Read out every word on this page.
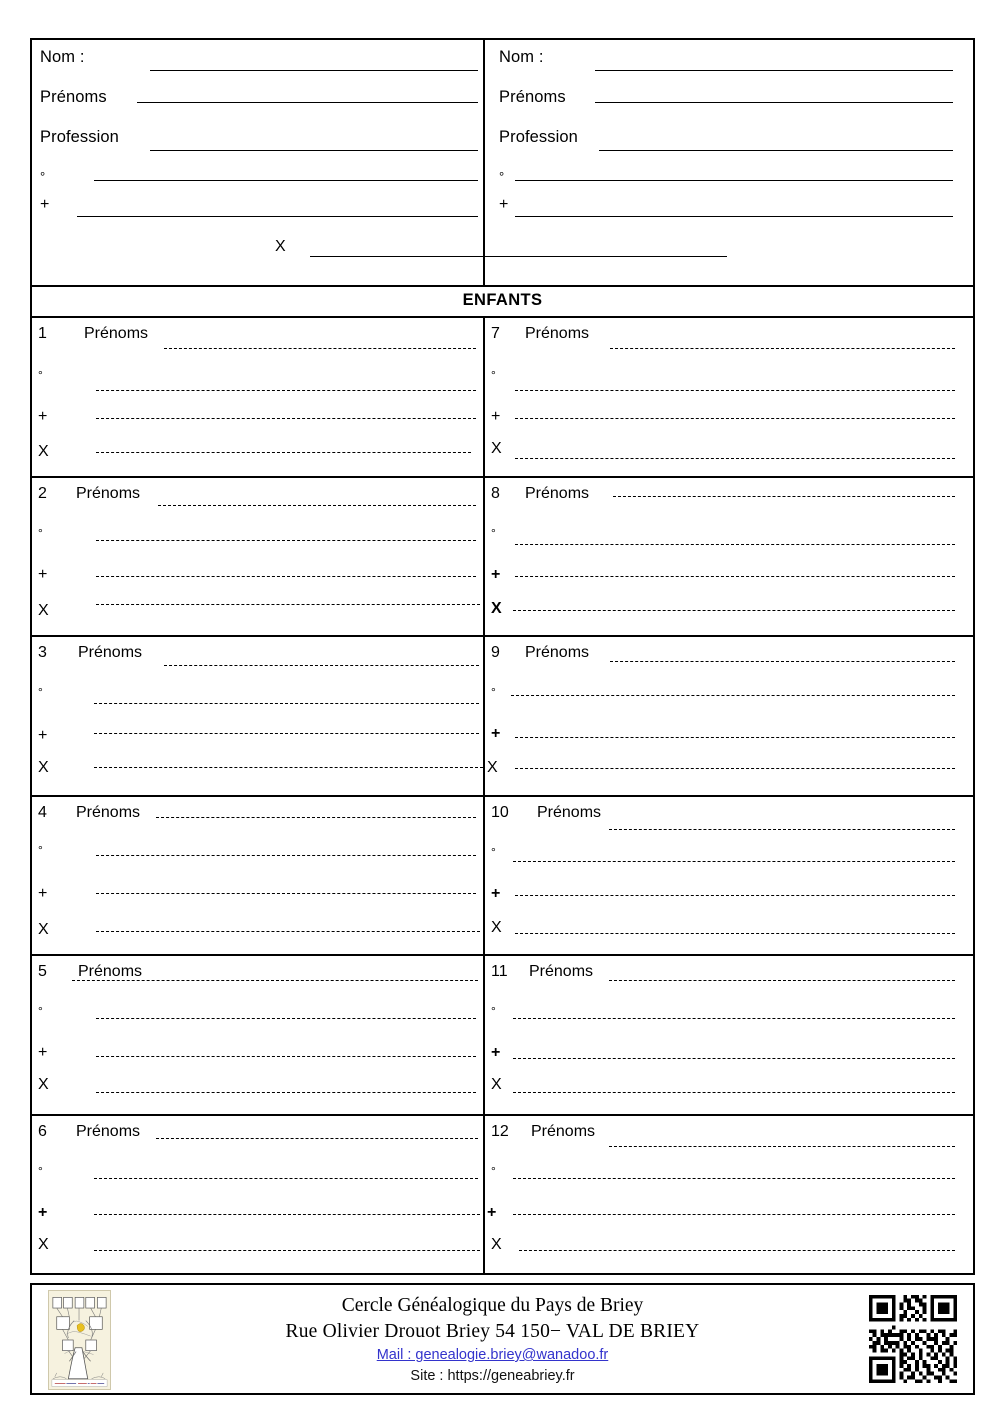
Nom :
Prénoms
Profession
°
+
Nom :
Prénoms
Profession
°
+
X
ENFANTS
1 Prénoms
°
+
X
7 Prénoms
°
+
X
2 Prénoms
°
+
X
8 Prénoms
°
+
X
3 Prénoms
°
+
X
9 Prénoms
°
+
X
4 Prénoms
°
+
X
10 Prénoms
°
+
X
5 Prénoms
°
+
X
11 Prénoms
°
+
X
6 Prénoms
°
+
X
12 Prénoms
°
+
X
Cercle Généalogique du Pays de Briey
Rue Olivier Drouot Briey 54 150− VAL DE BRIEY
Mail : genealogie.briey@wanadoo.fr
Site : https://geneabriey.fr
